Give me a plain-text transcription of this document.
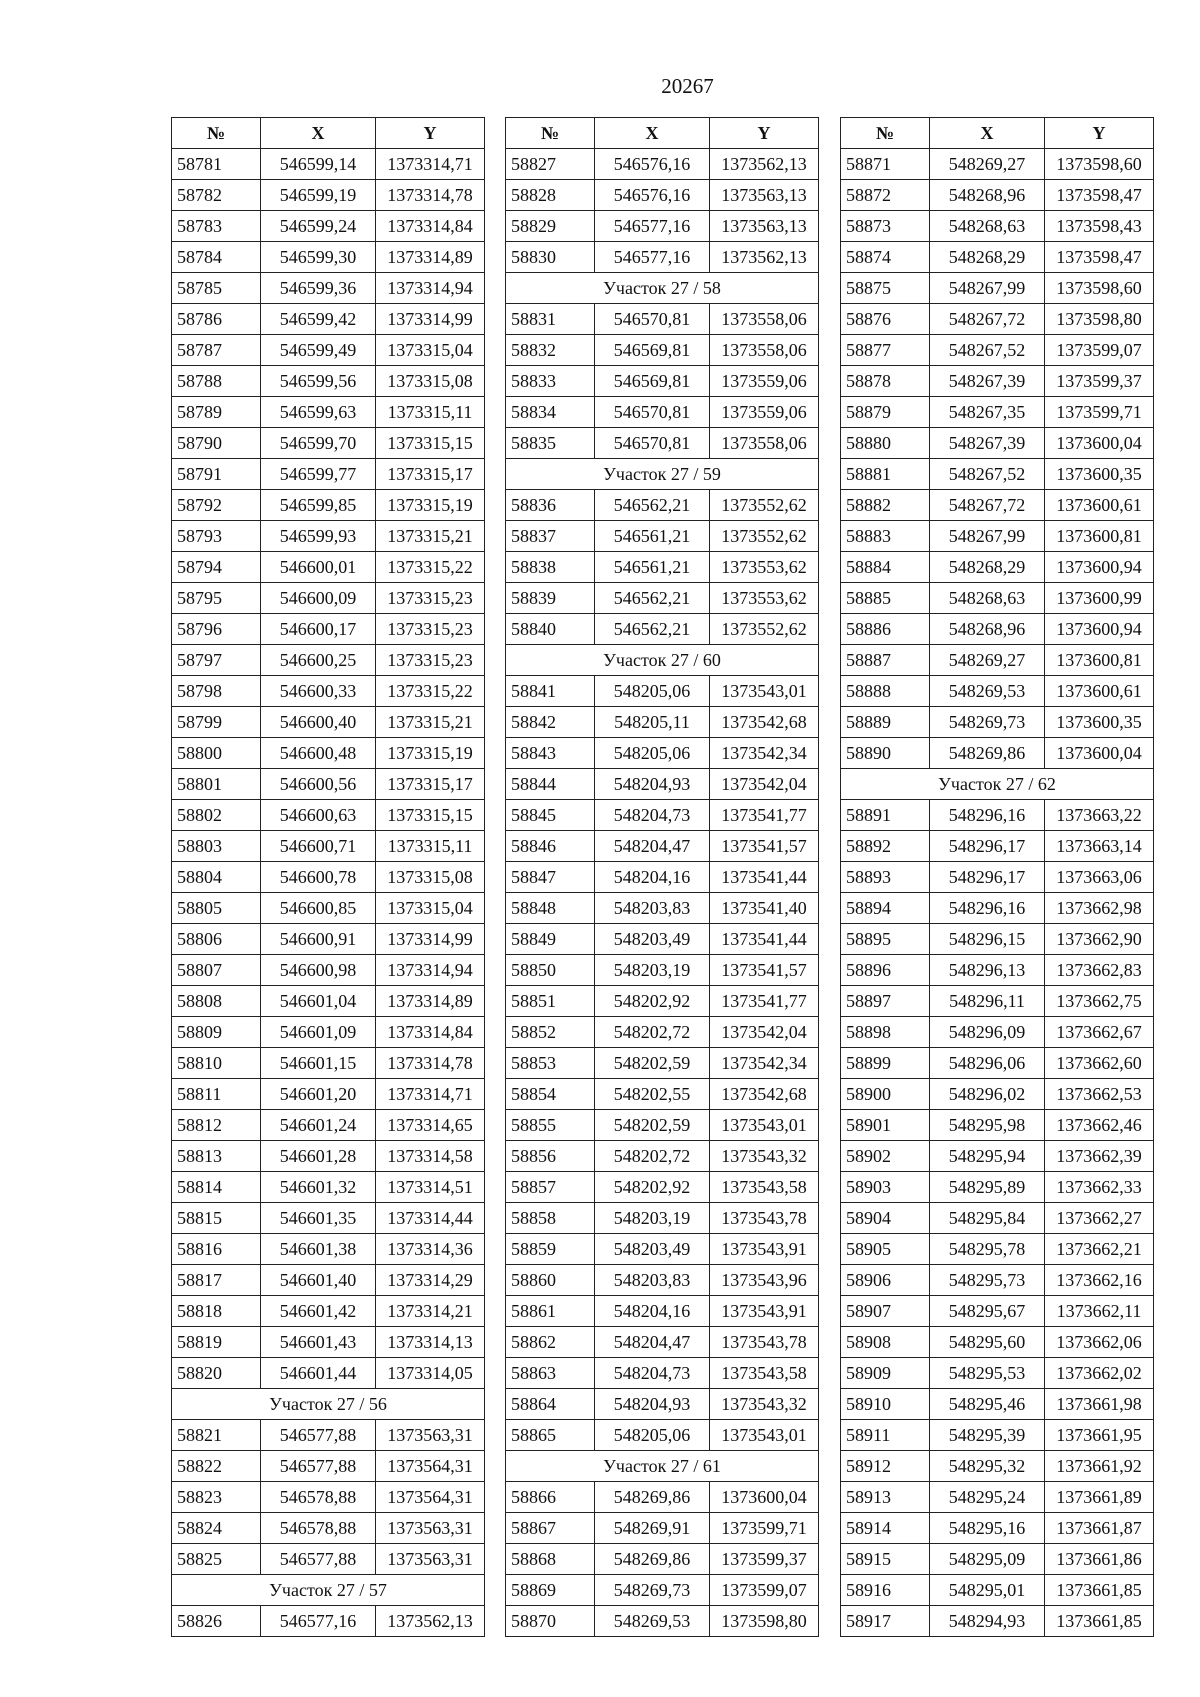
20267
№	X	Y
58781	546599,14	1373314,71
58782	546599,19	1373314,78
58783	546599,24	1373314,84
58784	546599,30	1373314,89
58785	546599,36	1373314,94
58786	546599,42	1373314,99
58787	546599,49	1373315,04
58788	546599,56	1373315,08
58789	546599,63	1373315,11
58790	546599,70	1373315,15
58791	546599,77	1373315,17
58792	546599,85	1373315,19
58793	546599,93	1373315,21
58794	546600,01	1373315,22
58795	546600,09	1373315,23
58796	546600,17	1373315,23
58797	546600,25	1373315,23
58798	546600,33	1373315,22
58799	546600,40	1373315,21
58800	546600,48	1373315,19
58801	546600,56	1373315,17
58802	546600,63	1373315,15
58803	546600,71	1373315,11
58804	546600,78	1373315,08
58805	546600,85	1373315,04
58806	546600,91	1373314,99
58807	546600,98	1373314,94
58808	546601,04	1373314,89
58809	546601,09	1373314,84
58810	546601,15	1373314,78
58811	546601,20	1373314,71
58812	546601,24	1373314,65
58813	546601,28	1373314,58
58814	546601,32	1373314,51
58815	546601,35	1373314,44
58816	546601,38	1373314,36
58817	546601,40	1373314,29
58818	546601,42	1373314,21
58819	546601,43	1373314,13
58820	546601,44	1373314,05
Участок 27 / 56		
58821	546577,88	1373563,31
58822	546577,88	1373564,31
58823	546578,88	1373564,31
58824	546578,88	1373563,31
58825	546577,88	1373563,31
Участок 27 / 57		
58826	546577,16	1373562,13
№	X	Y
58827	546576,16	1373562,13
58828	546576,16	1373563,13
58829	546577,16	1373563,13
58830	546577,16	1373562,13
Участок 27 / 58		
58831	546570,81	1373558,06
58832	546569,81	1373558,06
58833	546569,81	1373559,06
58834	546570,81	1373559,06
58835	546570,81	1373558,06
Участок 27 / 59		
58836	546562,21	1373552,62
58837	546561,21	1373552,62
58838	546561,21	1373553,62
58839	546562,21	1373553,62
58840	546562,21	1373552,62
Участок 27 / 60		
58841	548205,06	1373543,01
58842	548205,11	1373542,68
58843	548205,06	1373542,34
58844	548204,93	1373542,04
58845	548204,73	1373541,77
58846	548204,47	1373541,57
58847	548204,16	1373541,44
58848	548203,83	1373541,40
58849	548203,49	1373541,44
58850	548203,19	1373541,57
58851	548202,92	1373541,77
58852	548202,72	1373542,04
58853	548202,59	1373542,34
58854	548202,55	1373542,68
58855	548202,59	1373543,01
58856	548202,72	1373543,32
58857	548202,92	1373543,58
58858	548203,19	1373543,78
58859	548203,49	1373543,91
58860	548203,83	1373543,96
58861	548204,16	1373543,91
58862	548204,47	1373543,78
58863	548204,73	1373543,58
58864	548204,93	1373543,32
58865	548205,06	1373543,01
Участок 27 / 61		
58866	548269,86	1373600,04
58867	548269,91	1373599,71
58868	548269,86	1373599,37
58869	548269,73	1373599,07
58870	548269,53	1373598,80
№	X	Y
58871	548269,27	1373598,60
58872	548268,96	1373598,47
58873	548268,63	1373598,43
58874	548268,29	1373598,47
58875	548267,99	1373598,60
58876	548267,72	1373598,80
58877	548267,52	1373599,07
58878	548267,39	1373599,37
58879	548267,35	1373599,71
58880	548267,39	1373600,04
58881	548267,52	1373600,35
58882	548267,72	1373600,61
58883	548267,99	1373600,81
58884	548268,29	1373600,94
58885	548268,63	1373600,99
58886	548268,96	1373600,94
58887	548269,27	1373600,81
58888	548269,53	1373600,61
58889	548269,73	1373600,35
58890	548269,86	1373600,04
Участок 27 / 62		
58891	548296,16	1373663,22
58892	548296,17	1373663,14
58893	548296,17	1373663,06
58894	548296,16	1373662,98
58895	548296,15	1373662,90
58896	548296,13	1373662,83
58897	548296,11	1373662,75
58898	548296,09	1373662,67
58899	548296,06	1373662,60
58900	548296,02	1373662,53
58901	548295,98	1373662,46
58902	548295,94	1373662,39
58903	548295,89	1373662,33
58904	548295,84	1373662,27
58905	548295,78	1373662,21
58906	548295,73	1373662,16
58907	548295,67	1373662,11
58908	548295,60	1373662,06
58909	548295,53	1373662,02
58910	548295,46	1373661,98
58911	548295,39	1373661,95
58912	548295,32	1373661,92
58913	548295,24	1373661,89
58914	548295,16	1373661,87
58915	548295,09	1373661,86
58916	548295,01	1373661,85
58917	548294,93	1373661,85
